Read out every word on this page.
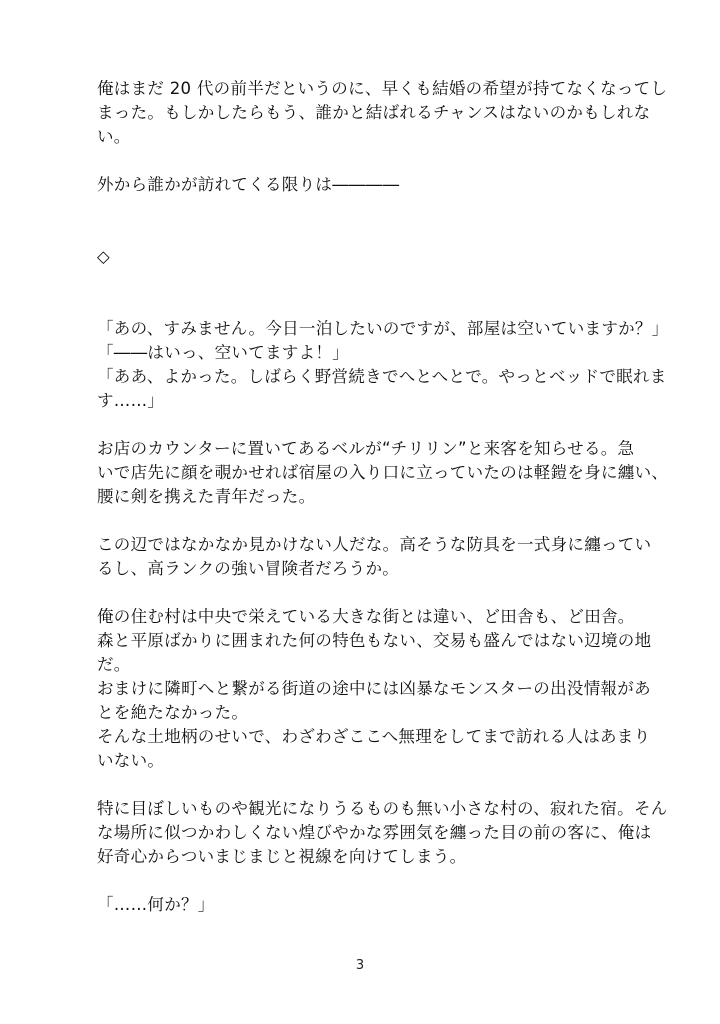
俺はまだ 20 代の前半だというのに、早くも結婚の希望が持てなくなってし
まった。もしかしたらもう、誰かと結ばれるチャンスはないのかもしれな
い。
外から誰かが訪れてくる限りは――――
◇
「あの、すみません。今日一泊したいのですが、部屋は空いていますか？」
「――はいっ、空いてますよ！」
「ああ、よかった。しばらく野営続きでへとへとで。やっとベッドで眠れま
す……」
お店のカウンターに置いてあるベルが“チリリン”と来客を知らせる。急
いで店先に顔を覗かせれば宿屋の入り口に立っていたのは軽鎧を身に纏い、
腰に剣を携えた青年だった。
この辺ではなかなか見かけない人だな。高そうな防具を一式身に纏ってい
るし、高ランクの強い冒険者だろうか。
俺の住む村は中央で栄えている大きな街とは違い、ど田舎も、ど田舎。
森と平原ばかりに囲まれた何の特色もない、交易も盛んではない辺境の地
だ。
おまけに隣町へと繋がる街道の途中には凶暴なモンスターの出没情報があ
とを絶たなかった。
そんな土地柄のせいで、わざわざここへ無理をしてまで訪れる人はあまり
いない。
特に目ぼしいものや観光になりうるものも無い小さな村の、寂れた宿。そん
な場所に似つかわしくない煌びやかな雰囲気を纏った目の前の客に、俺は
好奇心からついまじまじと視線を向けてしまう。
「……何か？」
3
